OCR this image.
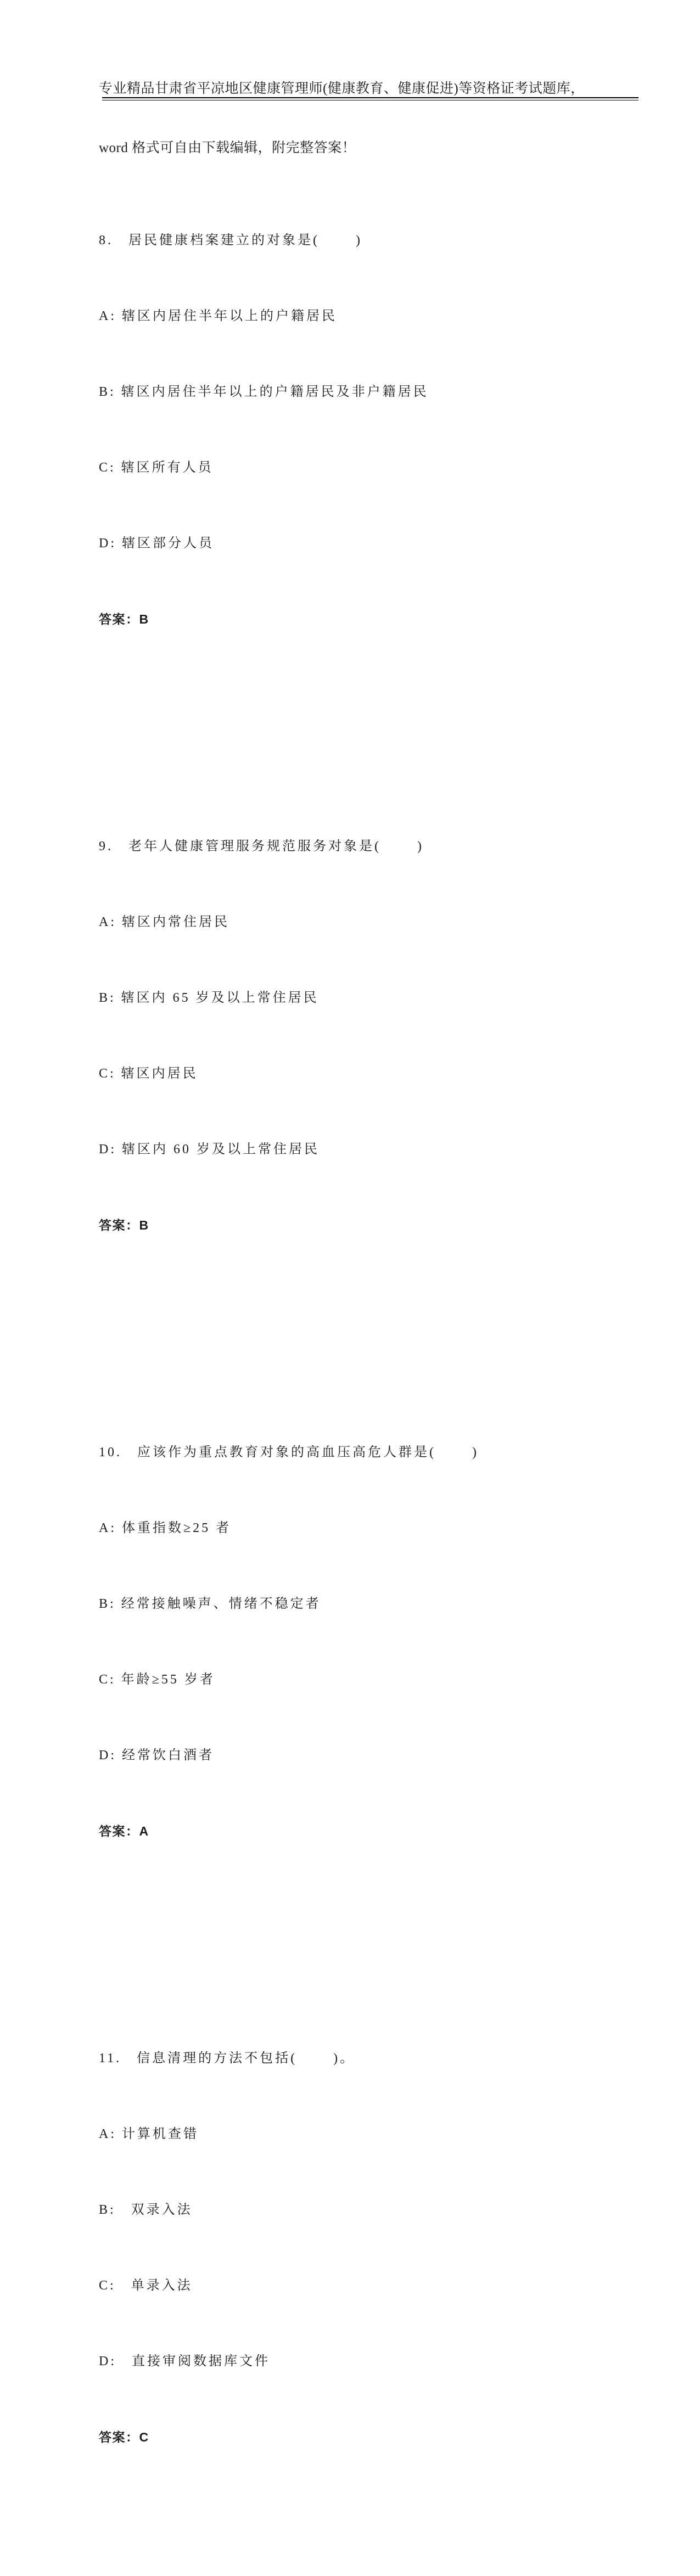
专业精品甘肃省平凉地区健康管理师(健康教育、健康促进)等资格证考试题库，

word 格式可自由下载编辑，附完整答案！

8.　居民健康档案建立的对象是(　　 )

A: 辖区内居住半年以上的户籍居民

B: 辖区内居住半年以上的户籍居民及非户籍居民

C: 辖区所有人员

D: 辖区部分人员

答案：B

9.　老年人健康管理服务规范服务对象是(　　 )

A: 辖区内常住居民

B: 辖区内 65 岁及以上常住居民

C: 辖区内居民

D: 辖区内 60 岁及以上常住居民

答案：B

10.　应该作为重点教育对象的高血压高危人群是(　　 )

A: 体重指数≥25 者

B: 经常接触噪声、情绪不稳定者

C: 年龄≥55 岁者

D: 经常饮白酒者

答案：A

11.　信息清理的方法不包括(　　 )。

A: 计算机查错

B:　双录入法

C:　单录入法

D:　直接审阅数据库文件

答案：C
